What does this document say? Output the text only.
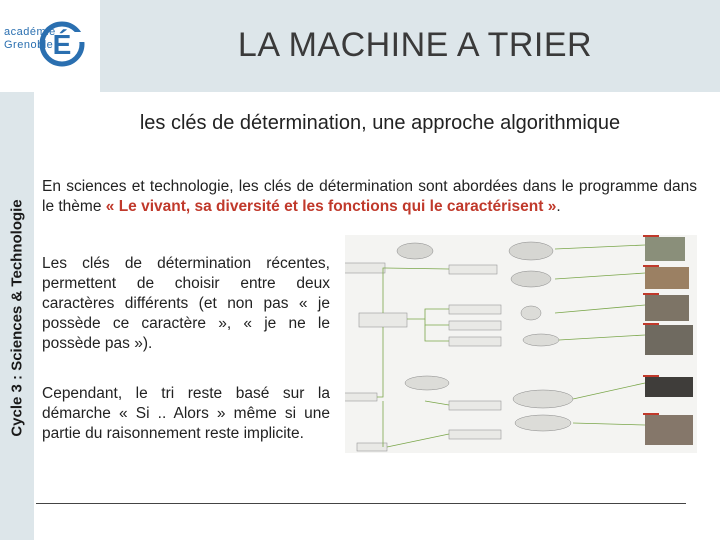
académie
Grenoble É	LA MACHINE A TRIER
Cycle 3 : Sciences & Technologie
les clés de détermination, une approche algorithmique
En sciences et technologie, les clés de détermination sont abordées dans le programme dans le thème « Le vivant, sa diversité et les fonctions qui le caractérisent ».
Les clés de détermination récentes, permettent de choisir entre deux caractères différents (et non pas « je possède ce caractère », « je ne le possède pas »).
Cependant, le tri reste basé sur la démarche « Si .. Alors » même si une partie du raisonnement reste implicite.
